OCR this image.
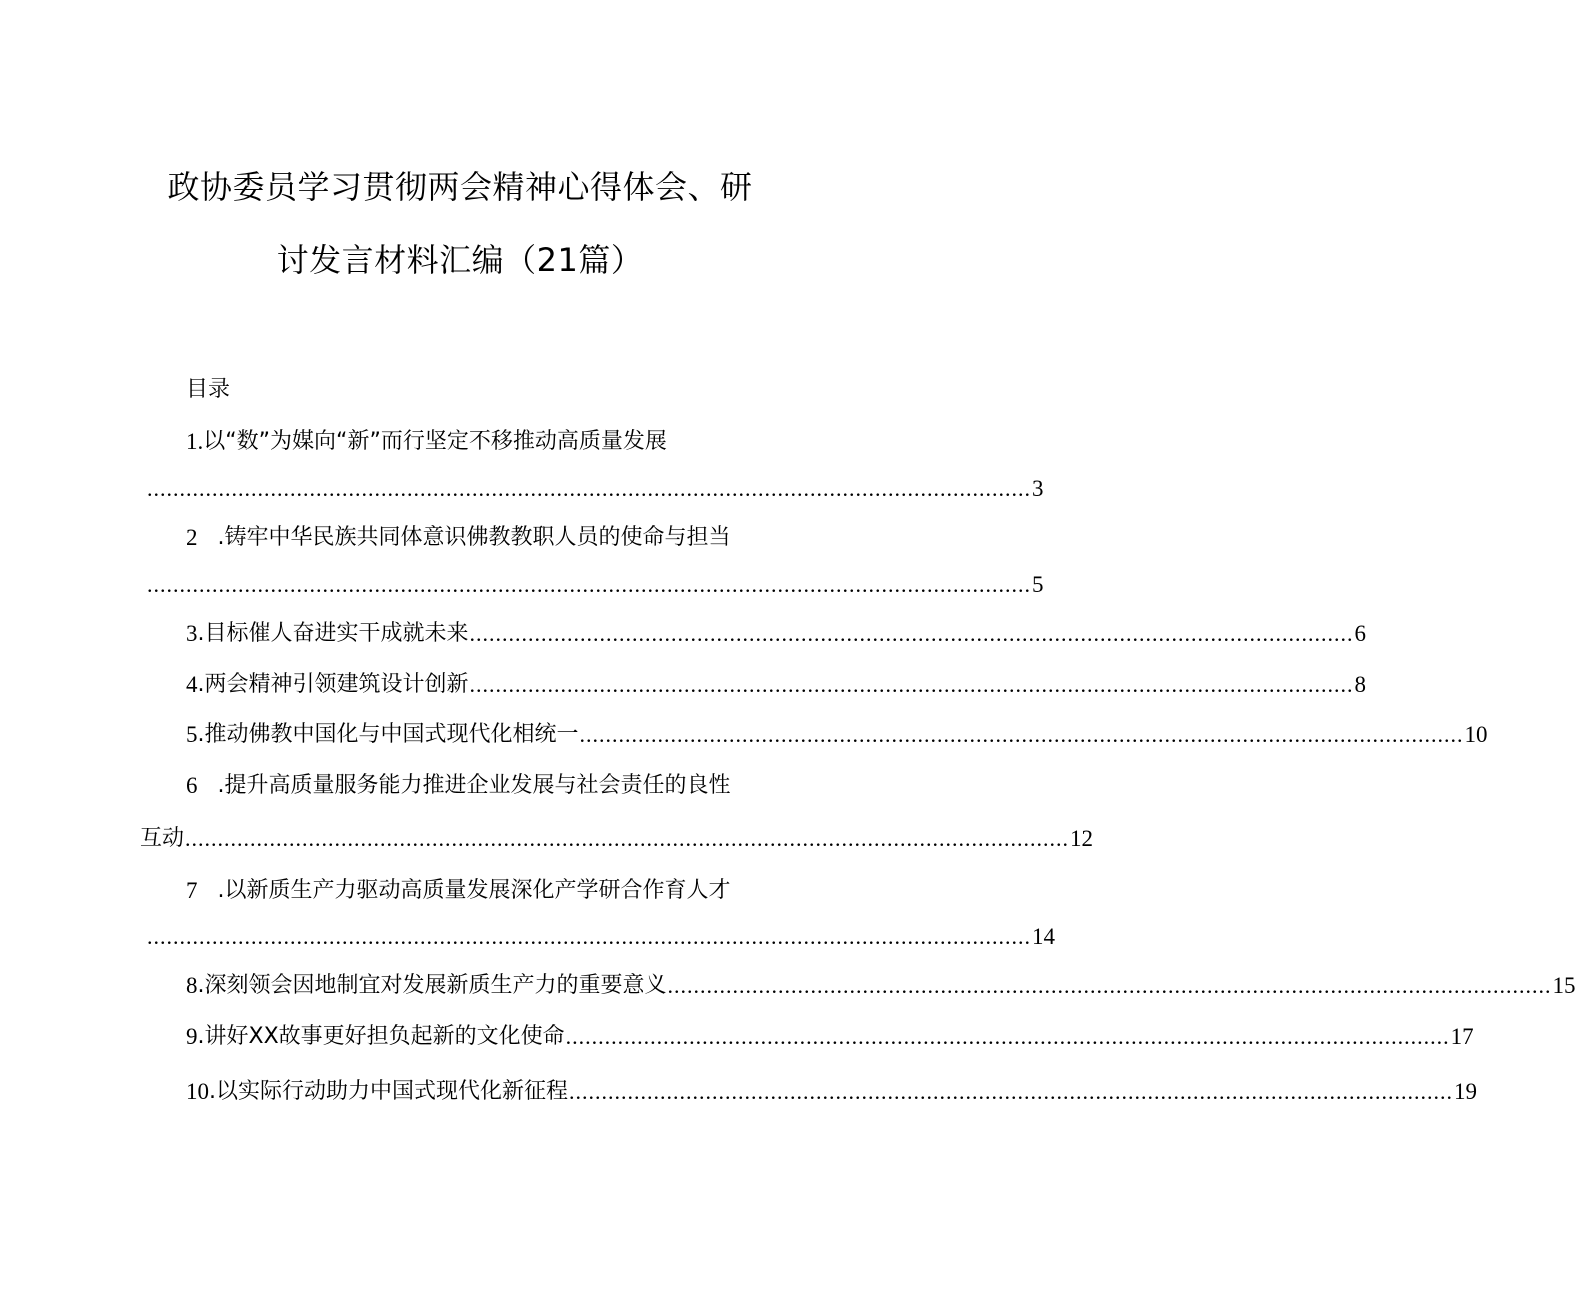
政协委员学习贯彻两会精神心得体会、研
讨发言材料汇编（21篇）
目录
1. 以“数”为媒向“新”而行坚定不移推动高质量发展
........................................................................................................................................ 3
2 .铸牢中华民族共同体意识佛教教职人员的使命与担当
........................................................................................................................................ 5
3 .目标催人奋进实干成就未来 ........................................................................................................................................ 6
4 .两会精神引领建筑设计创新 ........................................................................................................................................ 8
5 .推动佛教中国化与中国式现代化相统一 ........................................................................................................................................ 10
6 .提升高质量服务能力推进企业发展与社会责任的良性
互动 ........................................................................................................................................ 12
7 .以新质生产力驱动高质量发展深化产学研合作育人才
........................................................................................................................................ 14
8 .深刻领会因地制宜对发展新质生产力的重要意义 ........................................................................................................................................ 15
9 .讲好XX故事更好担负起新的文化使命 ........................................................................................................................................ 17
10 .以实际行动助力中国式现代化新征程 ........................................................................................................................................ 19
